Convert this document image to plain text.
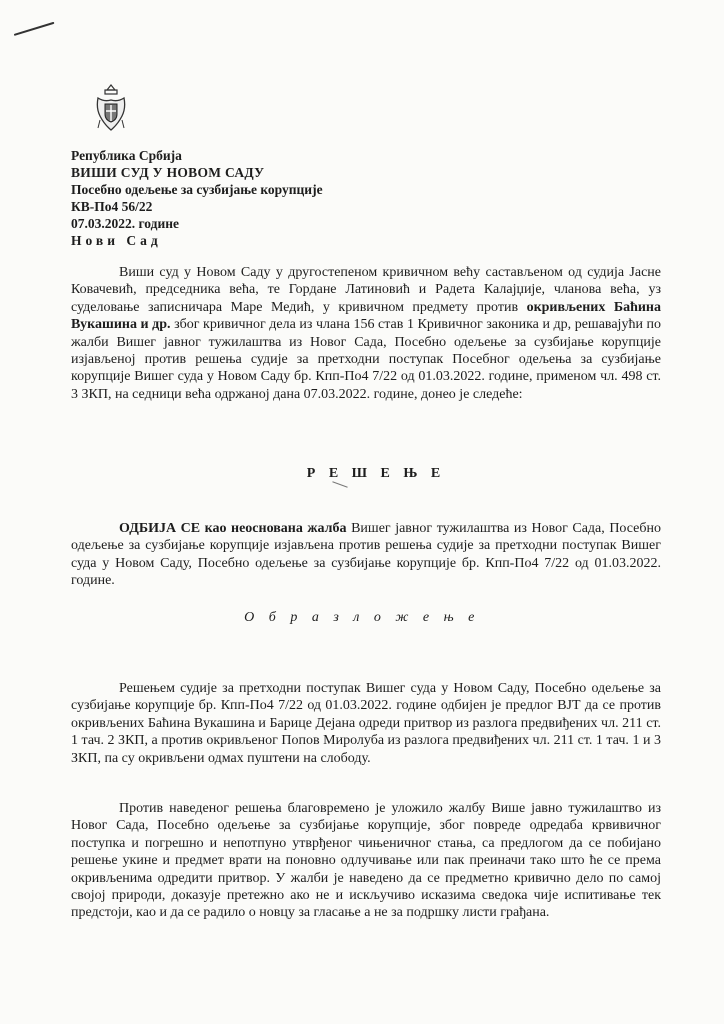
Република Србија
ВИШИ СУД У НОВОМ САДУ
Посебно одељење за сузбијање корупције
КВ-По4 56/22
07.03.2022. године
Нови Сад

Виши суд у Новом Саду у другостепеном кривичном већу састављеном од судија Јасне Ковачевић, председника већа, те Гордане Латиновић и Радета Калајџије, чланова већа, уз суделовање записничара Маре Медић, у кривичном предмету против окривљених Баћина Вукашина и др. због кривичног дела из члана 156 став 1 Кривичног законика и др, решавајући по жалби Вишег јавног тужилаштва из Новог Сада, Посебно одељење за сузбијање корупције изјављеној против решења судије за претходни поступак Посебног одељења за сузбијање корупције Вишег суда у Новом Саду бр. Кпп-По4 7/22 од 01.03.2022. године, применом чл. 498 ст. 3 ЗКП, на седници већа одржаној дана 07.03.2022. године, донео је следеће:

Р Е Ш Е Њ Е

ОДБИЈА СЕ као неоснована жалба Вишег јавног тужилаштва из Новог Сада, Посебно одељење за сузбијање корупције изјављена против решења судије за претходни поступак Вишег суда у Новом Саду, Посебно одељење за сузбијање корупције бр. Кпп-По4 7/22 од 01.03.2022. године.

О б р а з л о ж е њ е

Решењем судије за претходни поступак Вишег суда у Новом Саду, Посебно одељење за сузбијање корупције бр. Кпп-По4 7/22 од 01.03.2022. године одбијен је предлог ВЈТ да се против окривљених Баћина Вукашина и Барице Дејана одреди притвор из разлога предвиђених чл. 211 ст. 1 тач. 2 ЗКП, а против окривљеног Попов Миролуба из разлога предвиђених чл. 211 ст. 1 тач. 1 и 3 ЗКП, па су окривљени одмах пуштени на слободу.

Против наведеног решења благовремено је уложило жалбу Више јавно тужилаштво из Новог Сада, Посебно одељење за сузбијање корупције, због повреде одредаба крвивичног поступка и погрешно и непотпуно утврђеног чињеничног стања, са предлогом да се побијано решење укине и предмет врати на поновно одлучивање или пак преиначи тако што ће се према окривљенима одредити притвор. У жалби је наведено да се предметно кривично дело по самој својој природи, доказује претежно ако не и искључиво исказима сведока чије испитивање тек предстоји, као и да се радило о новцу за гласање а не за подршку листи грађана.
